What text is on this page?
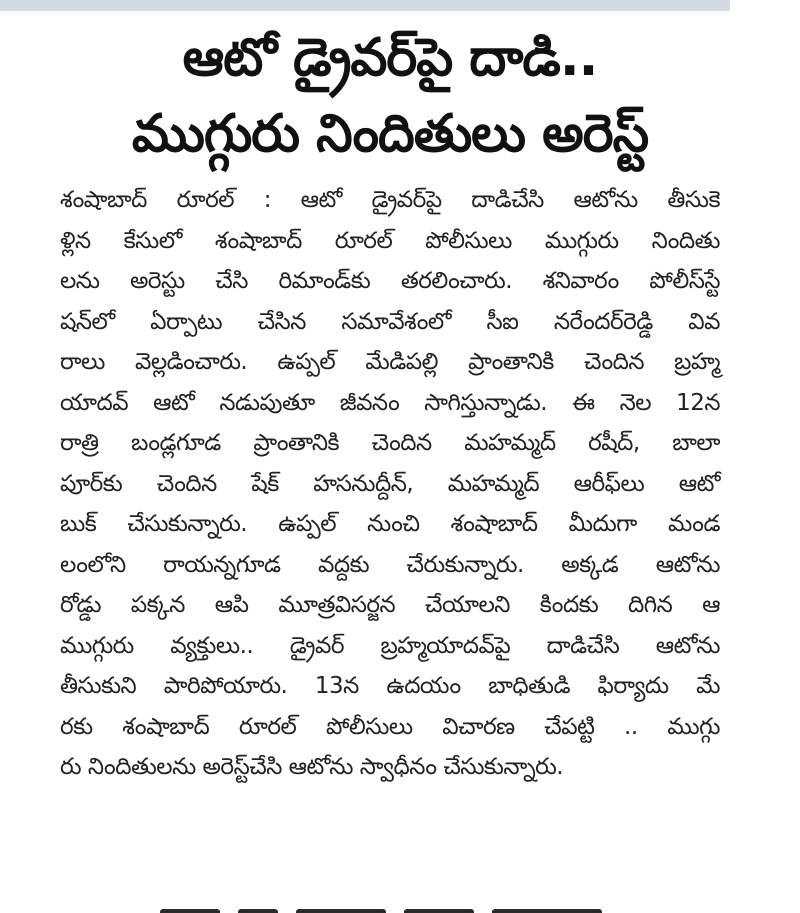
ఆటో డ్రైవర్‌పై దాడి..
ముగ్గురు నిందితులు అరెస్ట్
శంషాబాద్ రూరల్ : ఆటో డ్రైవర్‌పై దాడిచేసి ఆటోను తీసుకె
ళ్లిన కేసులో శంషాబాద్ రూరల్ పోలీసులు ముగ్గురు నిందితు
లను అరెస్టు చేసి రిమాండ్‌కు తరలించారు. శనివారం పోలీస్‌స్టే
షన్‌లో ఏర్పాటు చేసిన సమావేశంలో సీఐ నరేందర్‌రెడ్డి వివ
రాలు వెల్లడించారు. ఉప్పల్ మేడిపల్లి ప్రాంతానికి చెందిన బ్రహ్మ
యాదవ్ ఆటో నడుపుతూ జీవనం సాగిస్తున్నాడు. ఈ నెల 12న
రాత్రి బండ్లగూడ ప్రాంతానికి చెందిన మహమ్మద్ రషీద్, బాలా
పూర్‌కు చెందిన షేక్ హసనుద్దీన్, మహమ్మద్ ఆరీఫ్‌లు ఆటో
బుక్ చేసుకున్నారు. ఉప్పల్ నుంచి శంషాబాద్ మీదుగా మండ
లంలోని రాయన్నగూడ వద్దకు చేరుకున్నారు. అక్కడ ఆటోను
రోడ్డు పక్కన ఆపి మూత్రవిసర్జన చేయాలని కిందకు దిగిన ఆ
ముగ్గురు వ్యక్తులు.. డ్రైవర్ బ్రహ్మయాదవ్‌పై దాడిచేసి ఆటోను
తీసుకుని పారిపోయారు. 13న ఉదయం బాధితుడి ఫిర్యాదు మే
రకు శంషాబాద్ రూరల్ పోలీసులు విచారణ చేపట్టి .. ముగ్గు
రు నిందితులను అరెస్ట్‌చేసి ఆటోను స్వాధీనం చేసుకున్నారు.
